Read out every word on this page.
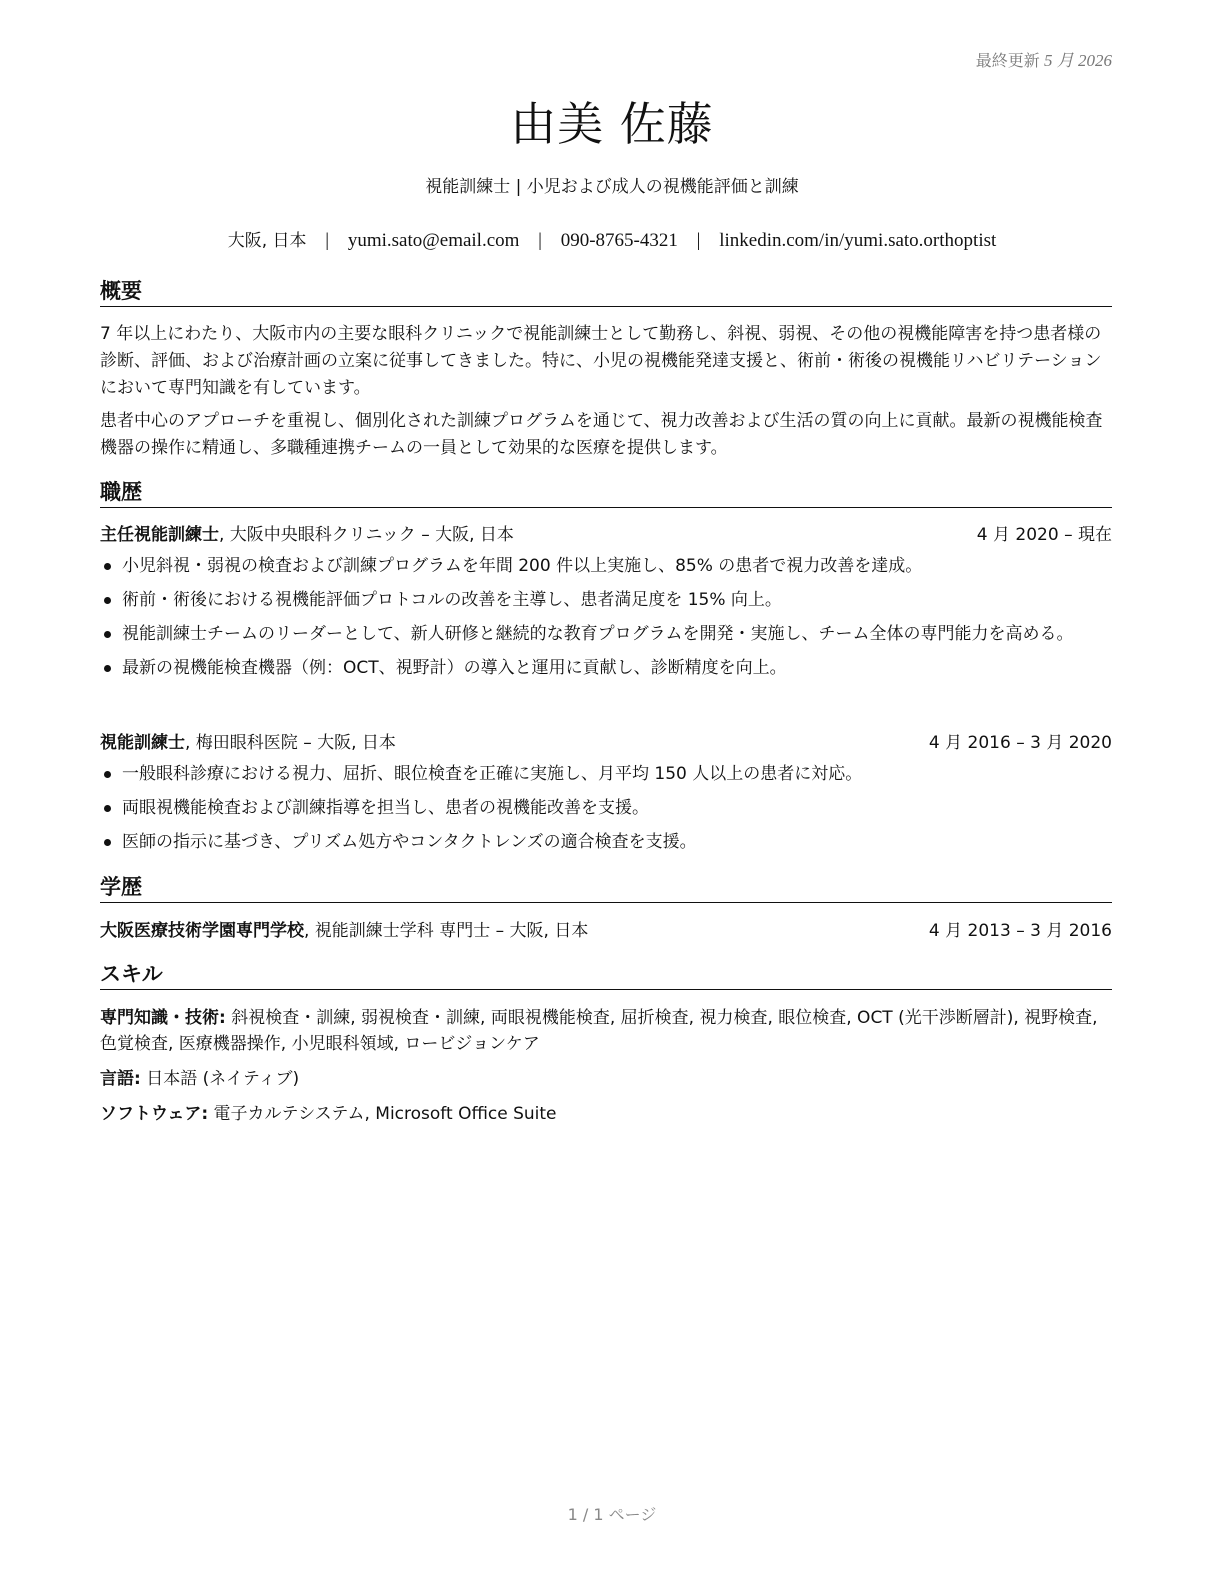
最終更新 5 月 2026
由美 佐藤
視能訓練士 | 小児および成人の視機能評価と訓練
大阪, 日本 | yumi.sato@email.com | 090-8765-4321 | linkedin.com/in/yumi.sato.orthoptist
概要

7 年以上にわたり、大阪市内の主要な眼科クリニックで視能訓練士として勤務し、斜視、弱視、その他の視機能障害を持つ患者様の診断、評価、および治療計画の立案に従事してきました。特に、小児の視機能発達支援と、術前・術後の視機能リハビリテーションにおいて専門知識を有しています。

患者中心のアプローチを重視し、個別化された訓練プログラムを通じて、視力改善および生活の質の向上に貢献。最新の視機能検査機器の操作に精通し、多職種連携チームの一員として効果的な医療を提供します。

職歴
主任視能訓練士, 大阪中央眼科クリニック – 大阪, 日本	4 月 2020 – 現在
小児斜視・弱視の検査および訓練プログラムを年間 200 件以上実施し、85% の患者で視力改善を達成。
術前・術後における視機能評価プロトコルの改善を主導し、患者満足度を 15% 向上。
視能訓練士チームのリーダーとして、新人研修と継続的な教育プログラムを開発・実施し、チーム全体の専門能力を高める。
最新の視機能検査機器（例：OCT、視野計）の導入と運用に貢献し、診断精度を向上。
視能訓練士, 梅田眼科医院 – 大阪, 日本	4 月 2016 – 3 月 2020
一般眼科診療における視力、屈折、眼位検査を正確に実施し、月平均 150 人以上の患者に対応。
両眼視機能検査および訓練指導を担当し、患者の視機能改善を支援。
医師の指示に基づき、プリズム処方やコンタクトレンズの適合検査を支援。
学歴
大阪医療技術学園専門学校, 視能訓練士学科 専門士 – 大阪, 日本	4 月 2013 – 3 月 2016
スキル
専門知識・技術: 斜視検査・訓練, 弱視検査・訓練, 両眼視機能検査, 屈折検査, 視力検査, 眼位検査, OCT (光干渉断層計), 視野検査, 色覚検査, 医療機器操作, 小児眼科領域, ロービジョンケア
言語: 日本語 (ネイティブ)
ソフトウェア: 電子カルテシステム, Microsoft Office Suite
1 / 1 ページ
